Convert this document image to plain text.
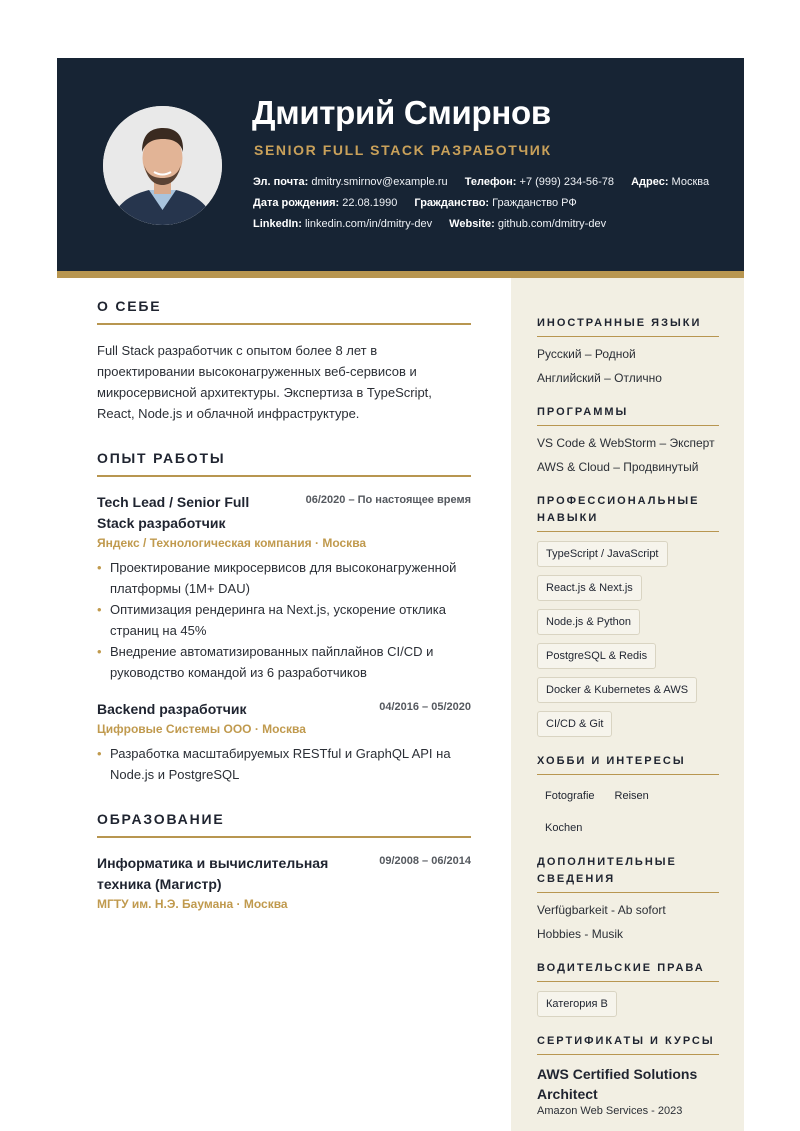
Дмитрий Смирнов
SENIOR FULL STACK РАЗРАБОТЧИК
Эл. почта: dmitry.smirnov@example.ru Телефон: +7 (999) 234-56-78 Адрес: Москва
Дата рождения: 22.08.1990 Гражданство: Гражданство РФ
LinkedIn: linkedin.com/in/dmitry-dev Website: github.com/dmitry-dev
О СЕБЕ

Full Stack разработчик с опытом более 8 лет в проектировании высоконагруженных веб-сервисов и микросервисной архитектуры. Экспертиза в TypeScript, React, Node.js и облачной инфраструктуре.

ОПЫТ РАБОТЫ
Tech Lead / Senior Full Stack разработчик
06/2020 – По настоящее время
Яндекс / Технологическая компания · Москва
• Проектирование микросервисов для высоконагруженной платформы (1M+ DAU)
• Оптимизация рендеринга на Next.js, ускорение отклика страниц на 45%
• Внедрение автоматизированных пайплайнов CI/CD и руководство командой из 6 разработчиков
Backend разработчик	04/2016 – 05/2020
Цифровые Системы ООО · Москва
• Разработка масштабируемых RESTful и GraphQL API на Node.js и PostgreSQL
ОБРАЗОВАНИЕ
Информатика и вычислительная техника (Магистр)
09/2008 – 06/2014
МГТУ им. Н.Э. Баумана · Москва
ИНОСТРАННЫЕ ЯЗЫКИ
Русский – Родной
Английский – Отлично
ПРОГРАММЫ
VS Code & WebStorm – Эксперт
AWS & Cloud – Продвинутый
ПРОФЕССИОНАЛЬНЫЕ НАВЫКИ
TypeScript / JavaScript
React.js & Next.js
Node.js & Python
PostgreSQL & Redis
Docker & Kubernetes & AWS
CI/CD & Git
ХОББИ И ИНТЕРЕСЫ
Fotografie Reisen
Kochen
ДОПОЛНИТЕЛЬНЫЕ СВЕДЕНИЯ
Verfügbarkeit - Ab sofort
Hobbies - Musik
ВОДИТЕЛЬСКИЕ ПРАВА
Категория B
СЕРТИФИКАТЫ И КУРСЫ
AWS Certified Solutions Architect
Amazon Web Services - 2023
